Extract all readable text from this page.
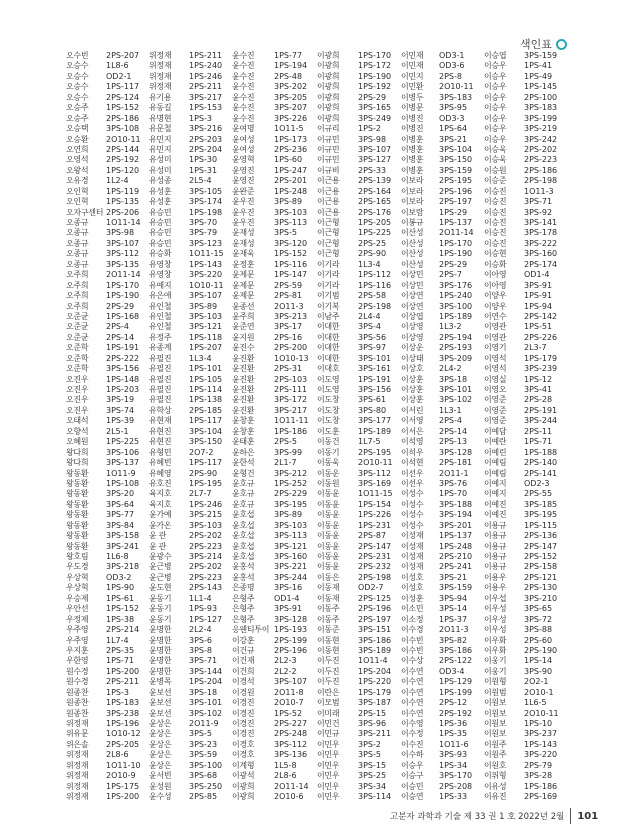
색인표
오수빈 2PS-207
오승수 1L8-6
오승수 OD2-1
오승수 1PS-117
오승수 2PS-124
오승주 1PS-152
오승주 2PS-186
오승택 3PS-108
오승환 2O10-11
오연희 2PS-144
오영석 2PS-192
오왕석 1PS-120
오유경 1L2-4
오인혁 1PS-119
오인혁 1PS-135
오자구센터 2PS-206
오종규 1O11-14
오종규 3PS-98
오종규 3PS-107
오종규 3PS-112
오종규 3PS-135
오주희 2O11-14
오주희 1PS-170
오주희 1PS-190
오주희 2PS-29
오준균 1PS-168
오준균 2PS-4
오준균 2PS-14
오준학 1PS-191
오준학 2PS-222
오준학 3PS-156
오진우 1PS-148
오진우 1PS-203
오진우 3PS-19
오진우 3PS-74
오태석 1PS-39
오향석 2L5-1
오혜원 1PS-225
왕다희 3PS-106
왕다희 3PS-137
왕동환 1O11-9
왕동환 1PS-108
왕동환 3PS-20
왕동환 3PS-64
왕동환 3PS-77
왕동환 3PS-84
왕동환 3PS-158
왕동환 3PS-241
왕호림 1L6-8
우도경 3PS-218
우상혁 OD3-2
우상혁 1PS-90
우승제 1PS-61
우안선 1PS-152
우정제 1PS-38
우주영 2PS-214
우주영 1L7-4
우지훈 2PS-35
우한영 1PS-71
원수경 1PS-200
원수경 2PS-211
원종찬 1PS-3
원종찬 1PS-183
원종찬 3PS-238
위정재 1PS-196
위유문 1O10-12
위은솔 2PS-205
위정재 2L8-6
위정재 1O11-10
위정재 2O10-9
위정재 1PS-175
위정재 1PS-200
위정재 1PS-211
위정재 1PS-240
위정재 1PS-246
위정재 2PS-211
유기용 3PS-217
유동길 1PS-153
유명현 1PS-3
유문철 3PS-216
유민지 2PS-203
유민지 2PS-204
유성미 1PS-30
유성미 1PS-31
유성종 2L5-4
유성훈 3PS-105
유성훈 3PS-174
유승민 1PS-198
유승민 3PS-70
유승민 3PS-79
유승민 3PS-123
유승화 1O11-15
유영창 1PS-143
유영창 3PS-220
유예지 1O10-11
유은애 3PS-107
유인철 3PS-89
유인철 3PS-103
유인철 3PS-121
유정주 1PS-118
유종계 1PS-207
유필진 1L3-4
유필진 1PS-101
유필진 1PS-105
유필진 1PS-114
유필진 1PS-138
유학상 2PS-185
유현재 1PS-117
유현진 3PS-104
유현진 3PS-150
유형민 2O7-2
유혜빈 1PS-117
유혜영 2PS-90
유호진 1PS-195
육지호 2L7-7
육지호 1PS-246
윤가예 3PS-215
윤가온 3PS-103
윤 관	2PS-202
윤 관	2PS-223
윤광수 3PS-214
윤근병 2PS-202
윤근병 2PS-223
윤도현 2PS-143
윤동기 1L1-4
윤동기 1PS-93
윤동기 1PS-127
윤명한 2L2-4
윤명한 3PS-6
윤명한 3PS-8
윤명한 3PS-71
윤명한 3PS-144
윤병목 1PS-204
윤보선 3PS-18
윤보선 3PS-101
윤보선 3PS-102
윤상은 2O11-9
윤상은 3PS-5
윤상은 3PS-23
윤상은 3PS-59
윤상은 3PS-100
윤서빈 3PS-68
윤성원 3PS-250
윤수성 2PS-85
윤수진 1PS-77
윤수진 1PS-194
윤수진 2PS-48
윤수진 3PS-202
윤수진 3PS-205
윤수진 3PS-207
윤수진 3PS-226
윤여명 1O11-5
윤여성 1PS-173
윤여성 2PS-236
윤영혁 1PS-60
윤영진 1PS-247
윤영진 2PS-201
윤완준 1PS-248
윤우진 3PS-89
윤우진 3PS-103
윤우진 3PS-113
윤재성 3PS-5
윤재성 3PS-120
윤재욱 1PS-152
윤정훈 1PS-116
윤제문 1PS-147
윤제문 2PS-59
윤제문 2PS-81
윤종선 2O11-3
윤주희 3PS-213
윤준연 3PS-17
윤지원 2PS-16
윤진수 2PS-200
윤진환 1O10-13
윤진환 2PS-31
윤진환 2PS-103
윤진환 2PS-111
윤진환 3PS-172
윤진환 3PS-217
윤창훈 1O11-11
윤창훈 1PS-186
윤태훈 2PS-5
윤하은 3PS-99
윤한석 2L1-7
윤형건 3PS-212
윤호규 1PS-252
윤호규 2PS-229
윤호규 3PS-195
윤호섭 3PS-89
윤호섭 3PS-103
윤호섭 3PS-113
윤호섭 3PS-121
윤호섭 3PS-160
윤홍석 3PS-221
윤홍석 3PS-244
은종명 3PS-16
은형주 OD1-4
은형주 3PS-91
은형주 3PS-128
응웬티투이 1PS-193
이강훈 2PS-199
이건규 2PS-196
이건재 2L2-3
이건희 2L2-2
이경석 3PS-107
이경원 2O11-8
이경진 2O10-7
이경진 1PS-52
이경진 2PS-227
이경진 2PS-248
이경호 3PS-112
이경호 3PS-136
이계형 1L5-8
이광석 2L8-6
이광희 2O11-14
이광희 2O10-6
이광희 1PS-170
이광희 1PS-172
이광희 1PS-190
이광희 1PS-192
이광희 2PS-29
이광희 3PS-165
이광희 3PS-249
이규리 1PS-2
이규민 3PS-98
이규민 3PS-107
이규민 3PS-127
이규비 2PS-33
이근용 2PS-139
이근용 2PS-164
이근용 2PS-165
이근용 2PS-176
이근형 1PS-205
이근형 1PS-225
이근형 2PS-25
이근형 2PS-90
이기라 1L3-4
이기라 1PS-112
이기라 1PS-116
이기범 2PS-58
이기복 2PS-198
이남주 2L4-4
이대한 3PS-4
이대한 3PS-56
이대한 3PS-97
이대한 3PS-101
이대호 3PS-161
이도영 1PS-191
이도영 3PS-156
이도창 3PS-61
이도창 3PS-80
이도창 3PS-177
이도훈 1PS-189
이동건 1L7-5
이동기 2PS-195
이동욱 2O10-11
이동운 3PS-112
이동원 3PS-169
이동윤 1O11-15
이동윤 1PS-154
이동윤 1PS-226
이동윤 1PS-231
이동윤 2PS-87
이동윤 2PS-147
이동윤 2PS-231
이동윤 2PS-232
이동은 2PS-198
이동재 OD2-7
이동재 2PS-125
이동주 2PS-196
이동주 2PS-197
이동준 3PS-151
이동현 3PS-186
이동현 3PS-189
이두진 1O11-4
이두진 1PS-204
이두진 1PS-220
이란은 1PS-179
이모범 3PS-187
이미래 2PS-15
이민건 3PS-96
이민규 3PS-211
이민우 3PS-2
이민우 3PS-5
이민우 3PS-15
이민우 3PS-25
이민우 3PS-34
이민우 3PS-114
이민재 OD3-1
이민재 OD3-6
이민지 2PS-8
이민환 2O10-11
이병두 3PS-183
이병문 3PS-95
이병진 OD3-3
이병진 1PS-64
이병훈 3PS-21
이병훈 3PS-104
이병훈 3PS-150
이병훈 3PS-159
이보라 2PS-195
이보라 2PS-196
이보라 2PS-197
이보람 1PS-29
이봉규 1PS-137
이산성 2O11-14
이산성 1PS-170
이산성 1PS-190
이산성 2PS-29
이상민 2PS-7
이상민 3PS-176
이상연 1PS-240
이상연 3PS-100
이상엽 1PS-189
이상영 1L3-2
이상영 2PS-194
이상운 2PS-193
이상태 3PS-209
이상호 2L4-2
이상훈 3PS-18
이상훈 3PS-101
이상훈 3PS-102
이서린 1L3-1
이서영 2PS-4
이서은 2PS-14
이석영 2PS-13
이석우 3PS-128
이석현 2PS-181
이선우 2O11-1
이선우 3PS-76
이성수 1PS-70
이성수 3PS-188
이성수 3PS-194
이성수 3PS-201
이성재 1PS-137
이성재 1PS-248
이성재 2PS-210
이성재 2PS-241
이성호 3PS-21
이성호 3PS-159
이성훈 3PS-94
이소민 3PS-14
이소정 1PS-37
이수경 2O11-3
이수빈 3PS-82
이수빈 3PS-186
이수상 2PS-122
이수연 OD3-4
이수연 1PS-129
이수연 1PS-199
이수연 2PS-12
이수연 2PS-192
이수영 1PS-36
이수정 1PS-35
이수진 1O11-6
이수하 3PS-93
이승우 1PS-34
이승구 3PS-170
이승민 2PS-208
이승연 1PS-33
이승엽 3PS-159
이승우 1PS-41
이승우 1PS-49
이승우 1PS-145
이승우 2PS-100
이승우 3PS-183
이승우 3PS-199
이승우 3PS-219
이승우 3PS-242
이승욱 2PS-202
이승욱 2PS-223
이승원 2PS-186
이승준 2PS-198
이승진 1O11-3
이승진 3PS-71
이승진 3PS-92
이승진 3PS-141
이승진 3PS-178
이승진 3PS-222
이승현 3PS-160
이승화 2PS-174
이아영 OD1-4
이아영 3PS-91
이양우 1PS-91
이양우 1PS-94
이연수 2PS-142
이영관 1PS-51
이영관 2PS-226
이영기 2L3-7
이영석 1PS-179
이영석 3PS-239
이영실 1PS-12
이영오 3PS-41
이영준 2PS-28
이영준 2PS-191
이영준 3PS-244
이예담 2PS-11
이예란 1PS-71
이예린 1PS-188
이예림 2PS-140
이예림 2PS-141
이예지 OD2-3
이예지 2PS-55
이예진 3PS-185
이예진 3PS-195
이용규 1PS-115
이용규 2PS-136
이용규 2PS-147
이용규 2PS-152
이용규 2PS-158
이용우 2PS-121
이용우 2PS-130
이우섭 3PS-210
이우성 3PS-65
이우성 3PS-72
이우성 3PS-88
이우화 2PS-60
이우화 2PS-190
이웅기 1PS-14
이웅기 3PS-90
이원형 2O2-1
이원범 2O10-1
이원보 1L6-5
이원보 2O10-11
이원보 1PS-10
이원보 3PS-237
이원주 1PS-143
이원주 3PS-220
이원호 2PS-79
이위형 3PS-28
이유성 1PS-186
이유진 2PS-169
고분자 과학과 기술 제 33 권 1 호 2022년 2월 101
